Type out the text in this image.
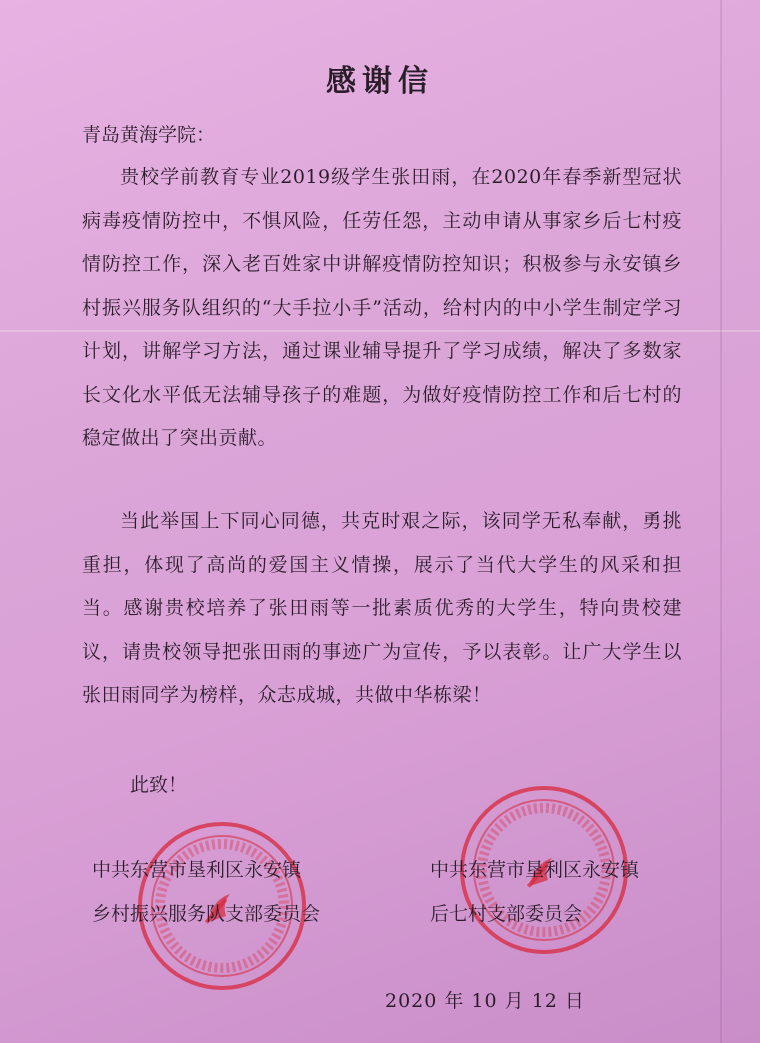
感谢信
青岛黄海学院：
贵校学前教育专业2019级学生张田雨，在2020年春季新型冠状病毒疫情防控中，不惧风险，任劳任怨，主动申请从事家乡后七村疫情防控工作，深入老百姓家中讲解疫情防控知识；积极参与永安镇乡村振兴服务队组织的“大手拉小手”活动，给村内的中小学生制定学习计划，讲解学习方法，通过课业辅导提升了学习成绩，解决了多数家长文化水平低无法辅导孩子的难题，为做好疫情防控工作和后七村的稳定做出了突出贡献。
当此举国上下同心同德，共克时艰之际，该同学无私奉献，勇挑重担，体现了高尚的爱国主义情操，展示了当代大学生的风采和担当。感谢贵校培养了张田雨等一批素质优秀的大学生，特向贵校建议，请贵校领导把张田雨的事迹广为宣传，予以表彰。让广大学生以张田雨同学为榜样，众志成城，共做中华栋梁！
此致！
中共东营市垦利区永安镇
乡村振兴服务队支部委员会
中共东营市垦利区永安镇
后七村支部委员会
2020 年 10 月 12 日
